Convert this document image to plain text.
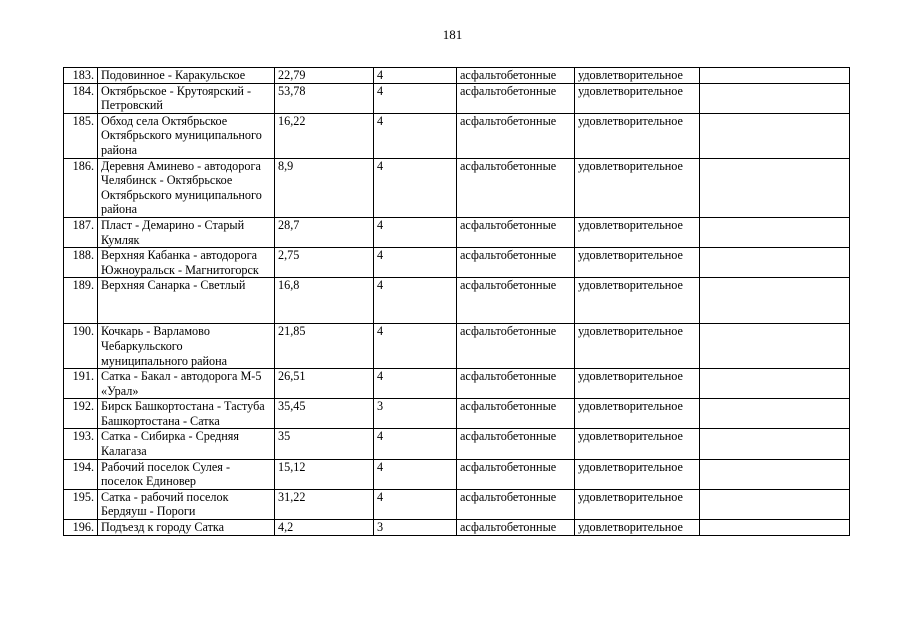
181
183.	Подовинное - Каракульское	22,79	4	асфальтобетонные	удовлетворительное	
184.	Октябрьское - Крутоярский - Петровский	53,78	4	асфальтобетонные	удовлетворительное	
185.	Обход села Октябрьское Октябрьского муниципального района	16,22	4	асфальтобетонные	удовлетворительное	
186.	Деревня Аминево - автодорога Челябинск - Октябрьское Октябрьского муниципального района	8,9	4	асфальтобетонные	удовлетворительное	
187.	Пласт - Демарино - Старый Кумляк	28,7	4	асфальтобетонные	удовлетворительное	
188.	Верхняя Кабанка - автодорога Южноуральск - Магнитогорск	2,75	4	асфальтобетонные	удовлетворительное	
189.	Верхняя Санарка - Светлый	16,8	4	асфальтобетонные	удовлетворительное	
190.	Кочкарь - Варламово Чебаркульского муниципального района	21,85	4	асфальтобетонные	удовлетворительное	
191.	Сатка - Бакал - автодорога М-5 «Урал»	26,51	4	асфальтобетонные	удовлетворительное	
192.	Бирск Башкортостана - Тастуба Башкортостана - Сатка	35,45	3	асфальтобетонные	удовлетворительное	
193.	Сатка - Сибирка - Средняя Калагаза	35	4	асфальтобетонные	удовлетворительное	
194.	Рабочий поселок Сулея - поселок Единовер	15,12	4	асфальтобетонные	удовлетворительное	
195.	Сатка - рабочий поселок Бердяуш - Пороги	31,22	4	асфальтобетонные	удовлетворительное	
196.	Подъезд к городу Сатка	4,2	3	асфальтобетонные	удовлетворительное	
